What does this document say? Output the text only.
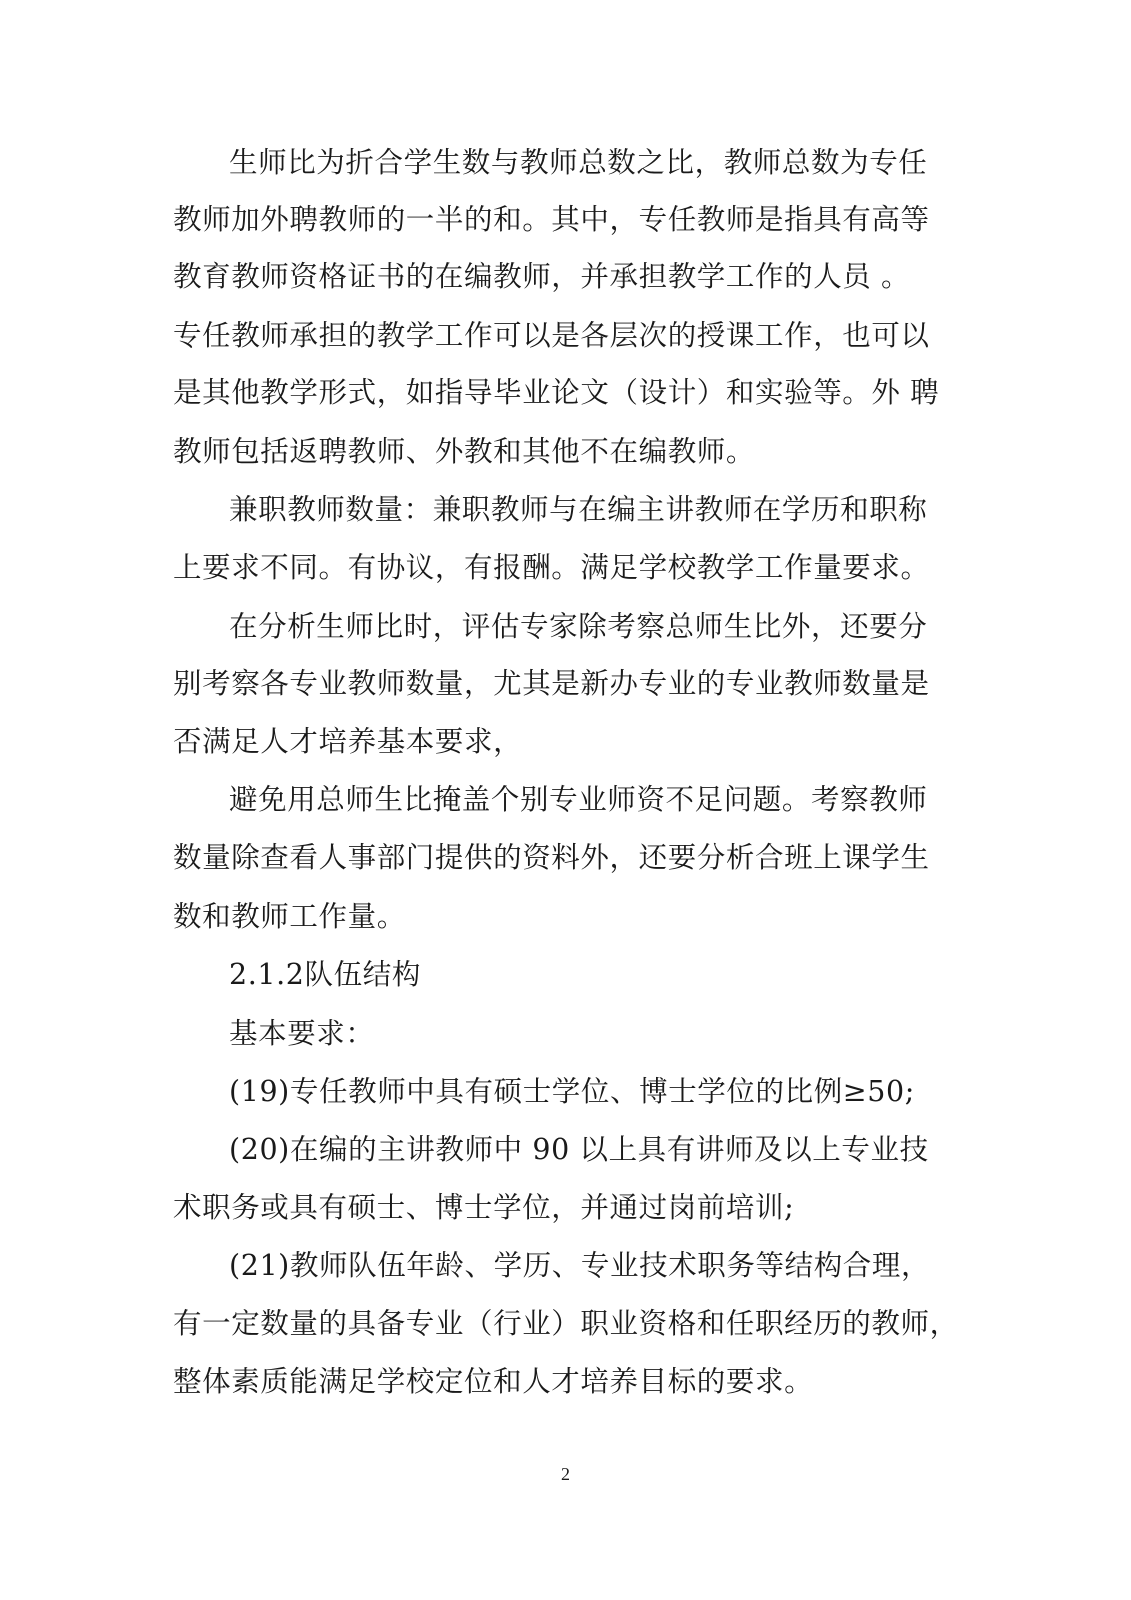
生师比为折合学生数与教师总数之比，教师总数为专任
教师加外聘教师的一半的和。其中，专任教师是指具有高等
教育教师资格证书的在编教师，并承担教学工作的人员 。
专任教师承担的教学工作可以是各层次的授课工作，也可以
是其他教学形式，如指导毕业论文（设计）和实验等。外 聘
教师包括返聘教师、外教和其他不在编教师。
兼职教师数量：兼职教师与在编主讲教师在学历和职称
上要求不同。有协议，有报酬。满足学校教学工作量要求。
在分析生师比时，评估专家除考察总师生比外，还要分
别考察各专业教师数量，尤其是新办专业的专业教师数量是
否满足人才培养基本要求，
避免用总师生比掩盖个别专业师资不足问题。考察教师
数量除查看人事部门提供的资料外，还要分析合班上课学生
数和教师工作量。
2.1.2队伍结构
基本要求：
(19)专任教师中具有硕士学位、博士学位的比例≥50;
(20)在编的主讲教师中 90 以上具有讲师及以上专业技
术职务或具有硕士、博士学位，并通过岗前培训;
(21)教师队伍年龄、学历、专业技术职务等结构合理，
有一定数量的具备专业（行业）职业资格和任职经历的教师，
整体素质能满足学校定位和人才培养目标的要求。
2
